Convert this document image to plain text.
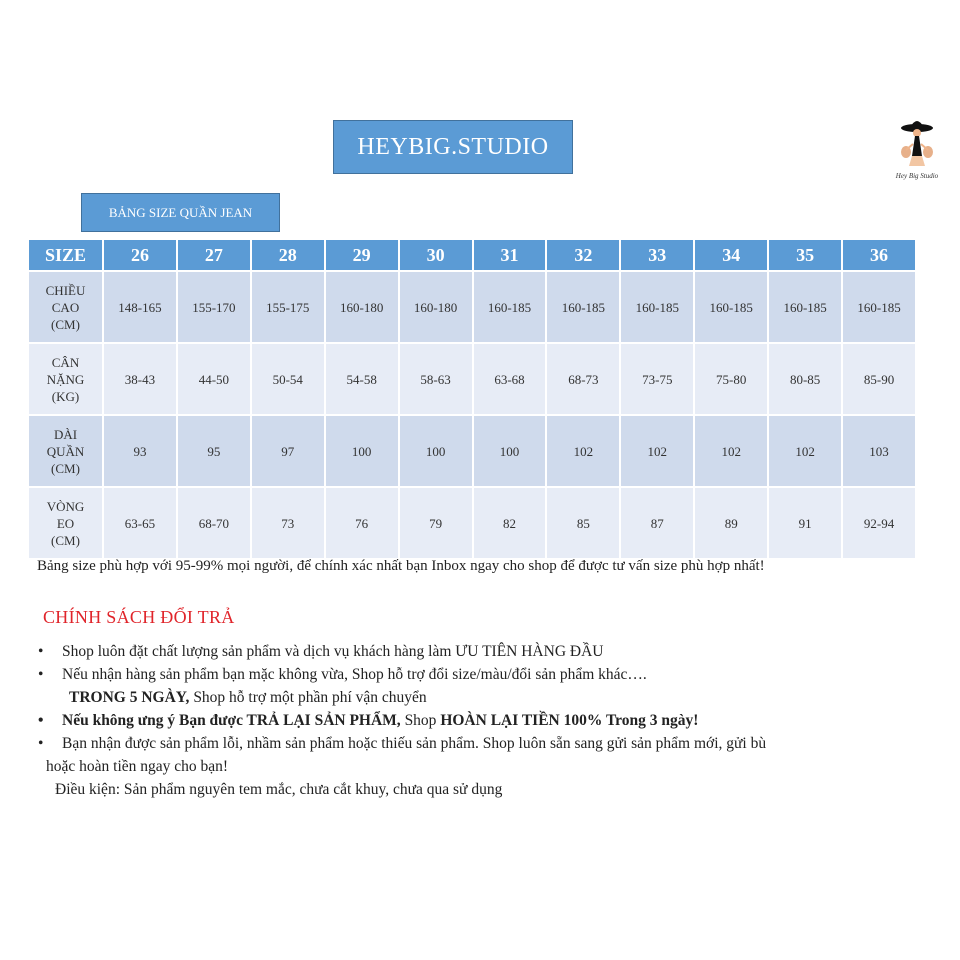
HEYBIG.STUDIO
BẢNG SIZE QUẦN JEAN
Hey Big Studio
SIZE	26	27	28	29	30	31	32	33	34	35	36

CHIỀU
CAO
(CM)	148-165	155-170	155-175	160-180	160-180	160-185	160-185	160-185	160-185	160-185	160-185

CÂN
NẶNG
(KG)	38-43	44-50	50-54	54-58	58-63	63-68	68-73	73-75	75-80	80-85	85-90

DÀI
QUẦN
(CM)	93	95	97	100	100	100	102	102	102	102	103

VÒNG
EO
(CM)	63-65	68-70	73	76	79	82	85	87	89	91	92-94
Bảng size phù hợp với 95-99% mọi người, để chính xác nhất bạn Inbox ngay cho shop để được tư vấn size phù hợp nhất!
CHÍNH SÁCH ĐỔI TRẢ
•	Shop luôn đặt chất lượng sản phẩm và dịch vụ khách hàng làm ƯU TIÊN HÀNG ĐẦU
•	Nếu nhận hàng sản phẩm bạn mặc không vừa, Shop hỗ trợ đổi size/màu/đổi sản phẩm khác….
TRONG 5 NGÀY, Shop hỗ trợ một phần phí vận chuyển
•	Nếu không ưng ý Bạn được TRẢ LẠI SẢN PHẨM, Shop HOÀN LẠI TIỀN 100% Trong 3 ngày!
•	Bạn nhận được sản phẩm lỗi, nhầm sản phẩm hoặc thiếu sản phẩm. Shop luôn sẵn sang gửi sản phẩm mới, gửi bù
hoặc hoàn tiền ngay cho bạn!
Điều kiện: Sản phẩm nguyên tem mắc, chưa cắt khuy, chưa qua sử dụng
